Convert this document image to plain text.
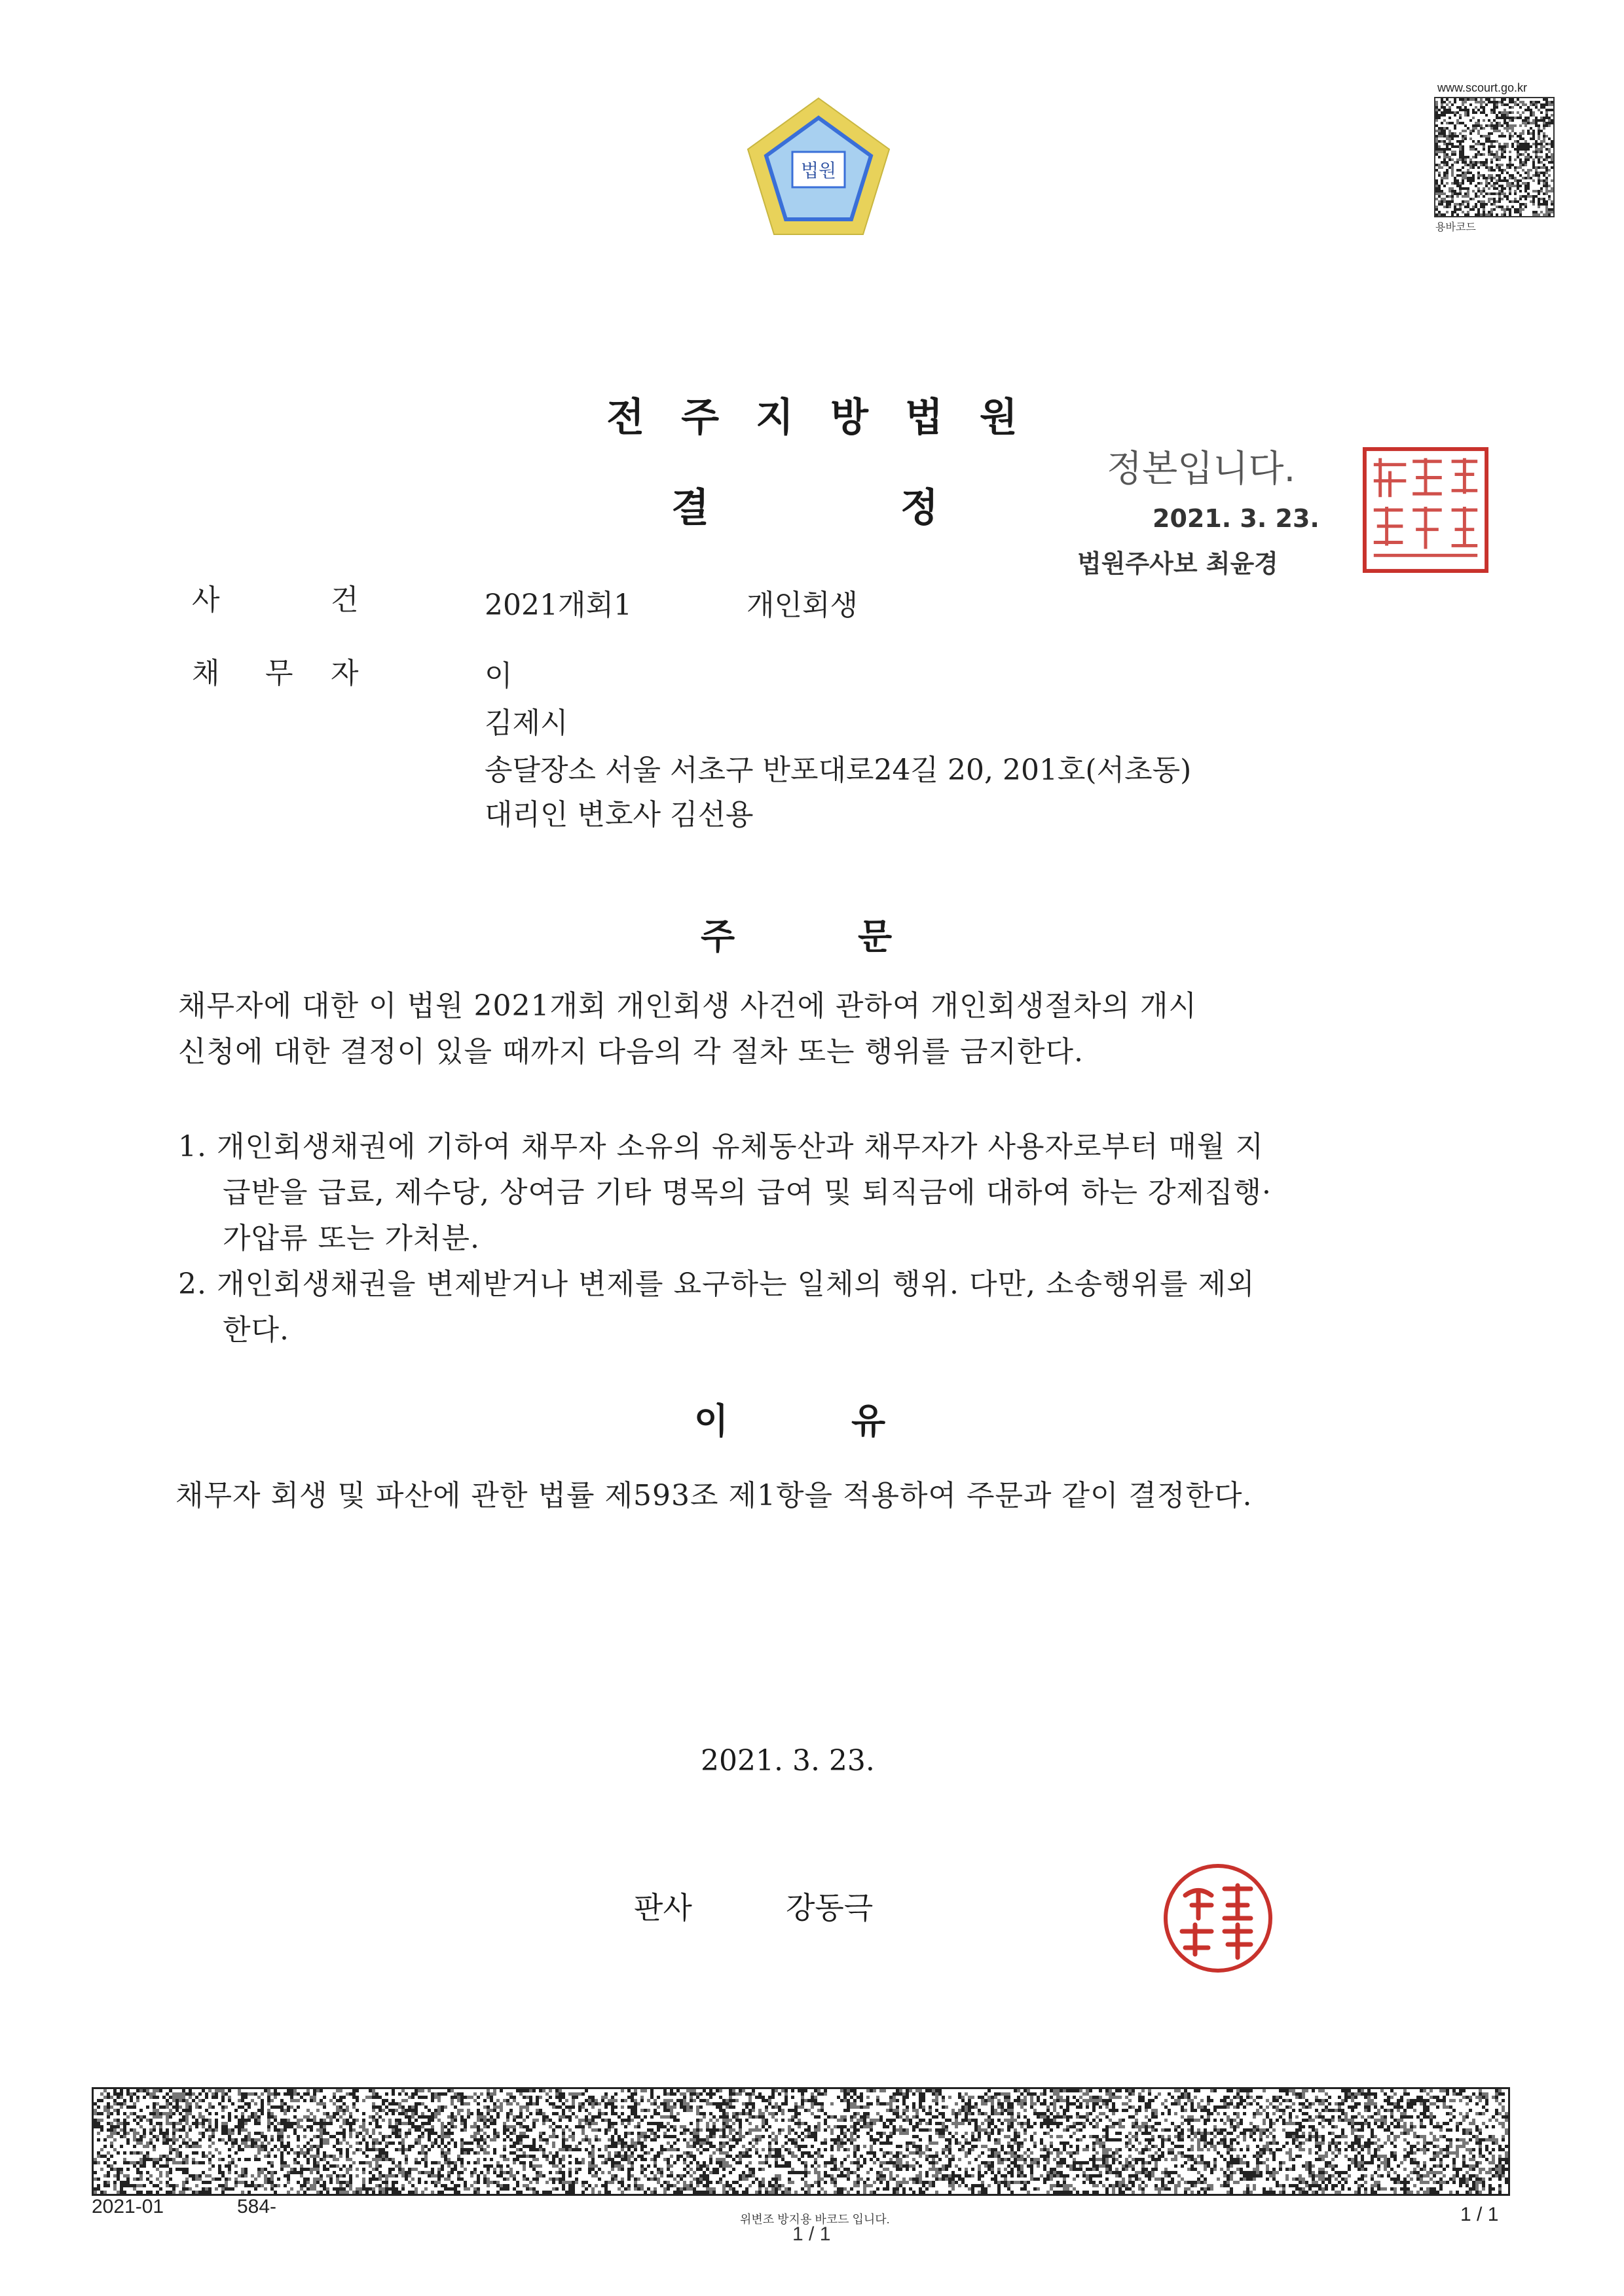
법원
www.scourt.go.kr
용바코드
전주지방법원
결	정
정본입니다.
2021. 3. 23.
법원주사보 최윤경
사	건	2021개회1	개인회생
채 무 자	이
김제시
송달장소 서울 서초구 반포대로24길 20, 201호(서초동)
대리인 변호사 김선용
주	문
채무자에 대한 이 법원 2021개회 개인회생 사건에 관하여 개인회생절차의 개시
신청에 대한 결정이 있을 때까지 다음의 각 절차 또는 행위를 금지한다.
1. 개인회생채권에 기하여 채무자 소유의 유체동산과 채무자가 사용자로부터 매월 지
급받을 급료, 제수당, 상여금 기타 명목의 급여 및 퇴직금에 대하여 하는 강제집행·
가압류 또는 가처분.
2. 개인회생채권을 변제받거나 변제를 요구하는 일체의 행위. 다만, 소송행위를 제외
한다.
이	유
채무자 회생 및 파산에 관한 법률 제593조 제1항을 적용하여 주문과 같이 결정한다.
2021. 3. 23.
판사	강동극
2021-01	584-
위변조 방지용 바코드 입니다.
1 / 1
1 / 1
